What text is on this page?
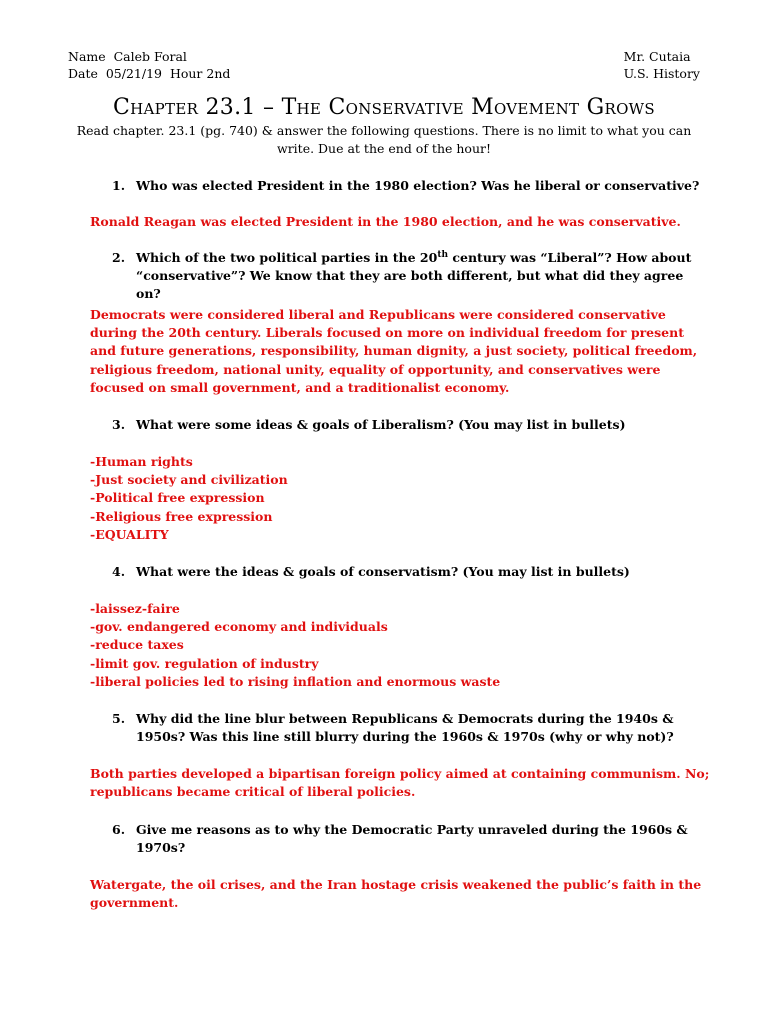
Name Caleb Foral
Date 05/21/19 Hour 2nd
Mr. Cutaia
U.S. History
Chapter 23.1 – The Conservative Movement Grows
Read chapter. 23.1 (pg. 740) & answer the following questions. There is no limit to what you can write. Due at the end of the hour!
1. Who was elected President in the 1980 election? Was he liberal or conservative?
Ronald Reagan was elected President in the 1980 election, and he was conservative.
2. Which of the two political parties in the 20th century was “Liberal”? How about “conservative”? We know that they are both different, but what did they agree on?
Democrats were considered liberal and Republicans were considered conservative
during the 20th century. Liberals focused on more on individual freedom for present
and future generations, responsibility, human dignity, a just society, political freedom,
religious freedom, national unity, equality of opportunity, and conservatives were
focused on small government, and a traditionalist economy.
3. What were some ideas & goals of Liberalism? (You may list in bullets)
-Human rights
-Just society and civilization
-Political free expression
-Religious free expression
-EQUALITY
4. What were the ideas & goals of conservatism? (You may list in bullets)
-laissez-faire
-gov. endangered economy and individuals
-reduce taxes
-limit gov. regulation of industry
-liberal policies led to rising inflation and enormous waste
5. Why did the line blur between Republicans & Democrats during the 1940s & 1950s? Was this line still blurry during the 1960s & 1970s (why or why not)?
Both parties developed a bipartisan foreign policy aimed at containing communism. No;
republicans became critical of liberal policies.
6. Give me reasons as to why the Democratic Party unraveled during the 1960s & 1970s?
Watergate, the oil crises, and the Iran hostage crisis weakened the public’s faith in the
government.
